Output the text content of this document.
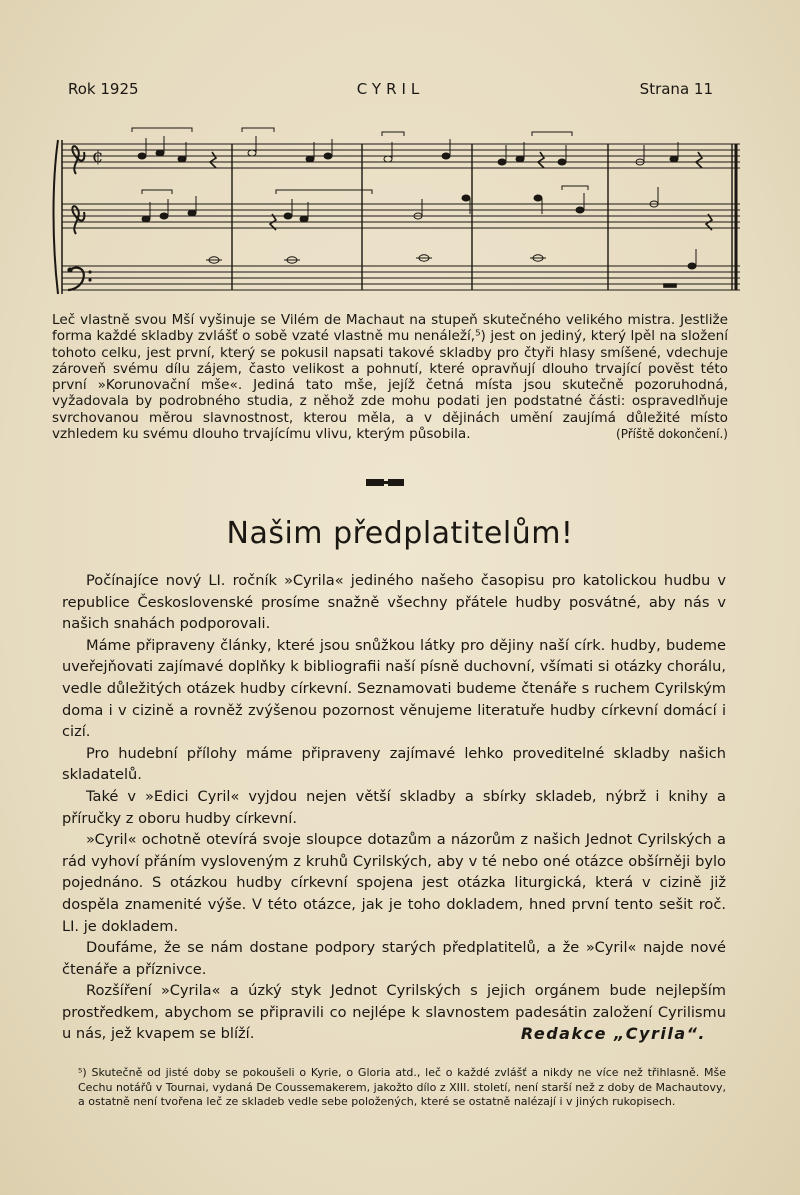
Rok 1925	CYRIL	Strana 11
¢
Leč vlastně svou Mší vyšinuje se Vilém de Machaut na stupeň skutečného velikého mistra. Jestliže forma každé skladby zvlášť o sobě vzaté vlastně mu nenáleží,⁵) jest on jediný, který lpěl na složení tohoto celku, jest první, který se pokusil napsati takové skladby pro čtyři hlasy smíšené, vdechuje zároveň svému dílu zájem, často velikost a pohnutí, které opravňují dlouho trvající pověst této první »Korunovační mše«. Jediná tato mše, jejíž četná místa jsou skutečně pozoruhodná, vyžadovala by podrobného studia, z něhož zde mohu podati jen podstatné části: ospravedlňuje svrchovanou měrou slavnostnost, kterou měla, a v dějinách umění zaujímá důležité místo vzhledem ku svému dlouho trvajícímu vlivu, kterým působila.	(Příště dokončení.)
Našim předplatitelům!

Počínajíce nový LI. ročník »Cyrila« jediného našeho časopisu pro katolickou hudbu v republice Československé prosíme snažně všechny přátele hudby posvátné, aby nás v našich snahách podporovali.

Máme připraveny články, které jsou snůžkou látky pro dějiny naší círk. hudby, budeme uveřejňovati zajímavé doplňky k bibliografii naší písně duchovní, všímati si otázky chorálu, vedle důležitých otázek hudby církevní. Seznamovati budeme čtenáře s ruchem Cyrilským doma i v cizině a rovněž zvýšenou pozornost věnujeme literatuře hudby církevní domácí i cizí.

Pro hudební přílohy máme připraveny zajímavé lehko proveditelné skladby našich skladatelů.

Také v »Edici Cyril« vyjdou nejen větší skladby a sbírky skladeb, nýbrž i knihy a příručky z oboru hudby církevní.

»Cyril« ochotně otevírá svoje sloupce dotazům a názorům z našich Jednot Cyrilských a rád vyhoví přáním vysloveným z kruhů Cyrilských, aby v té nebo oné otázce obšírněji bylo pojednáno. S otázkou hudby církevní spojena jest otázka liturgická, která v cizině již dospěla znamenité výše. V této otázce, jak je toho dokladem, hned první tento sešit roč. LI. je dokladem.

Doufáme, že se nám dostane podpory starých předplatitelů, a že »Cyril« najde nové čtenáře a příznivce.

Rozšíření »Cyrila« a úzký styk Jednot Cyrilských s jejich orgánem bude nejlepším prostředkem, abychom se připravili co nejlépe k slavnostem padesátin založení Cyrilismu u nás, jež kvapem se blíží.	Redakce „Cyrila“.
⁵) Skutečně od jisté doby se pokoušeli o Kyrie, o Gloria atd., leč o každé zvlášť a nikdy ne více než třihlasně. Mše Cechu notářů v Tournai, vydaná De Coussemakerem, jakožto dílo z XIII. století, není starší než z doby de Machautovy, a ostatně není tvořena leč ze skladeb vedle sebe položených, které se ostatně nalézají i v jiných rukopisech.
